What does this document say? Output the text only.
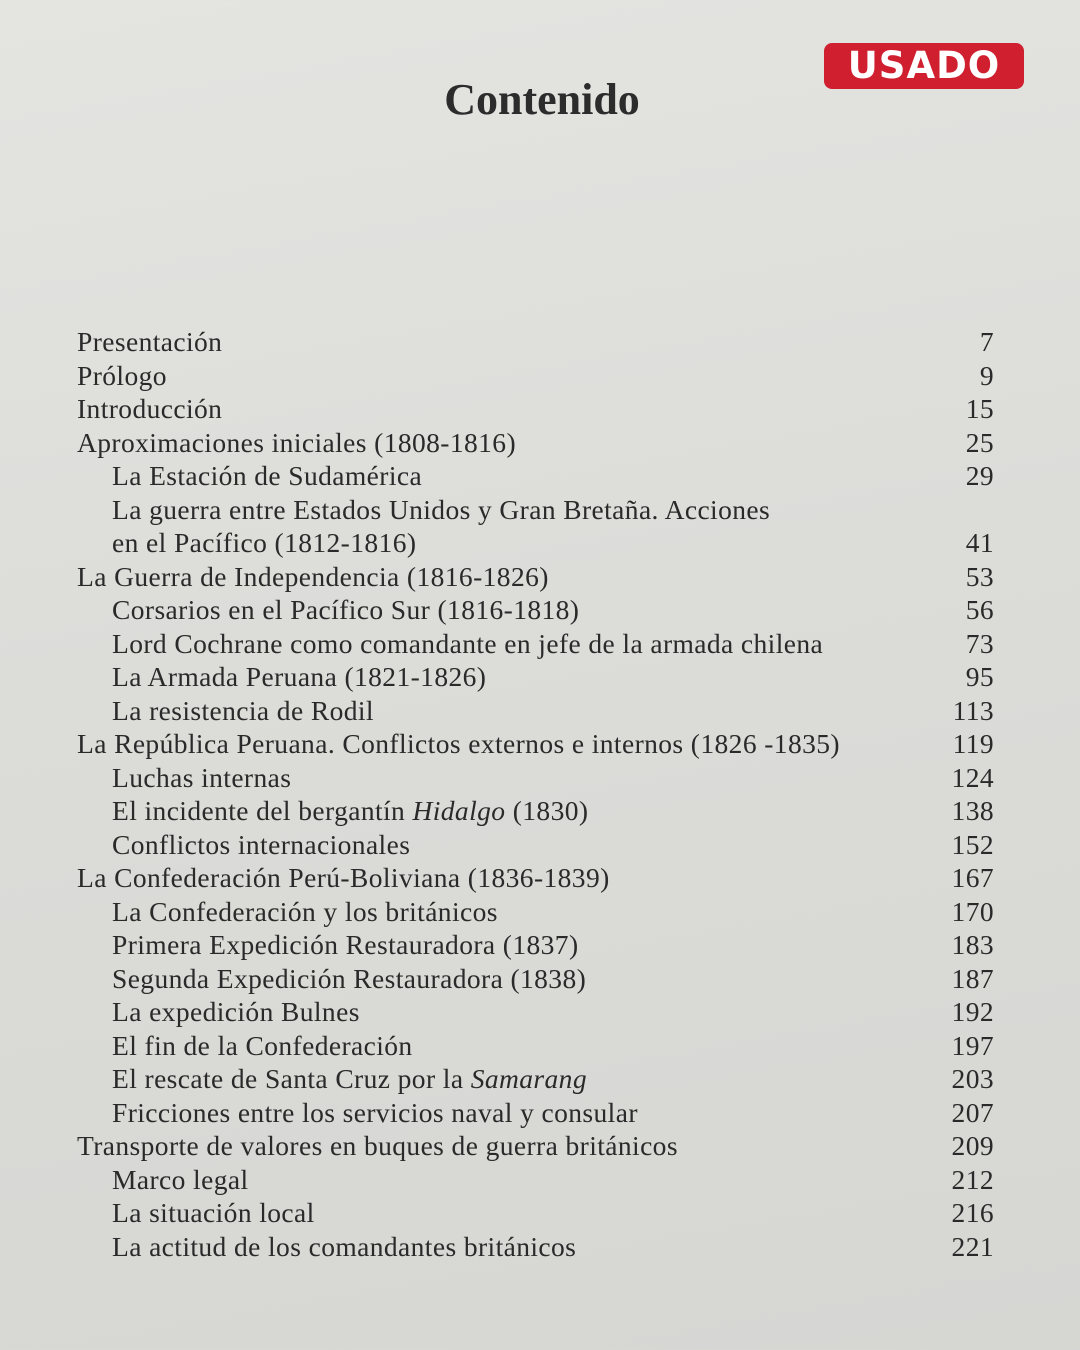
USADO
Contenido
Presentación	7
Prólogo	9
Introducción	15
Aproximaciones iniciales (1808-1816)	25
La Estación de Sudamérica	29
La guerra entre Estados Unidos y Gran Bretaña. Acciones
en el Pacífico (1812-1816)	41
La Guerra de Independencia (1816-1826)	53
Corsarios en el Pacífico Sur (1816-1818)	56
Lord Cochrane como comandante en jefe de la armada chilena	73
La Armada Peruana (1821-1826)	95
La resistencia de Rodil	113
La República Peruana. Conflictos externos e internos (1826 -1835)	119
Luchas internas	124
El incidente del bergantín Hidalgo (1830)	138
Conflictos internacionales	152
La Confederación Perú-Boliviana (1836-1839)	167
La Confederación y los británicos	170
Primera Expedición Restauradora (1837)	183
Segunda Expedición Restauradora (1838)	187
La expedición Bulnes	192
El fin de la Confederación	197
El rescate de Santa Cruz por la Samarang	203
Fricciones entre los servicios naval y consular	207
Transporte de valores en buques de guerra británicos	209
Marco legal	212
La situación local	216
La actitud de los comandantes británicos	221
